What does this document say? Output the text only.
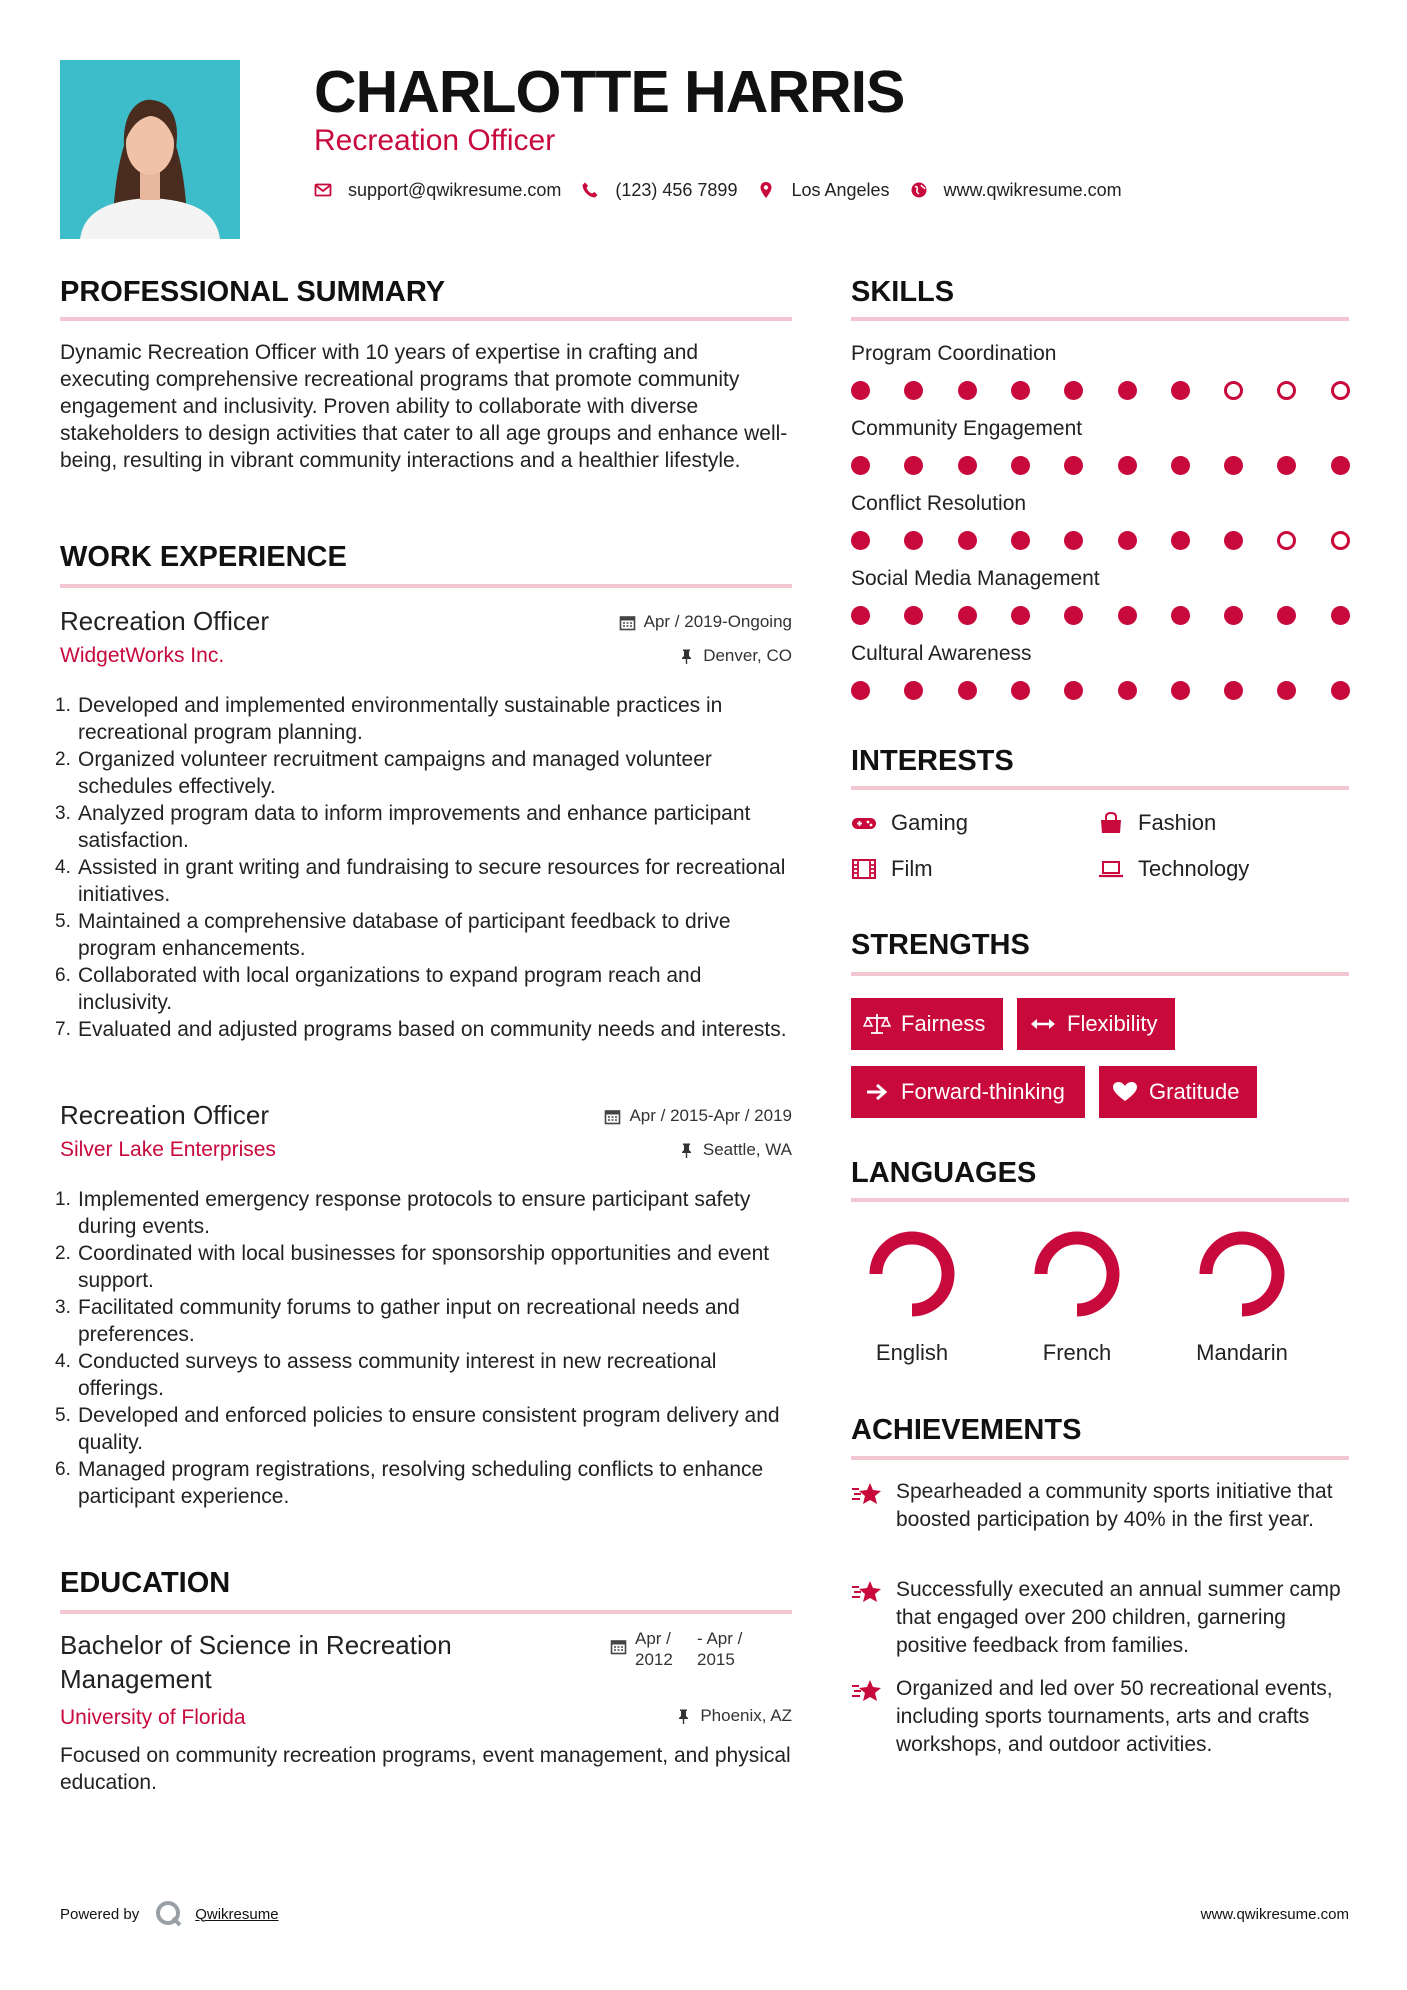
CHARLOTTE HARRIS
Recreation Officer
support@qwikresume.com	(123) 456 7899	Los Angeles	www.qwikresume.com
PROFESSIONAL SUMMARY
Dynamic Recreation Officer with 10 years of expertise in crafting and executing comprehensive recreational programs that promote community engagement and inclusivity. Proven ability to collaborate with diverse stakeholders to design activities that cater to all age groups and enhance well-being, resulting in vibrant community interactions and a healthier lifestyle.
WORK EXPERIENCE
Recreation Officer
WidgetWorks Inc.
Apr / 2019-Ongoing
Denver, CO
1. Developed and implemented environmentally sustainable practices in recreational program planning.
2. Organized volunteer recruitment campaigns and managed volunteer schedules effectively.
3. Analyzed program data to inform improvements and enhance participant satisfaction.
4. Assisted in grant writing and fundraising to secure resources for recreational initiatives.
5. Maintained a comprehensive database of participant feedback to drive program enhancements.
6. Collaborated with local organizations to expand program reach and inclusivity.
7. Evaluated and adjusted programs based on community needs and interests.
Recreation Officer
Silver Lake Enterprises
Apr / 2015-Apr / 2019
Seattle, WA
1. Implemented emergency response protocols to ensure participant safety during events.
2. Coordinated with local businesses for sponsorship opportunities and event support.
3. Facilitated community forums to gather input on recreational needs and preferences.
4. Conducted surveys to assess community interest in new recreational offerings.
5. Developed and enforced policies to ensure consistent program delivery and quality.
6. Managed program registrations, resolving scheduling conflicts to enhance participant experience.
EDUCATION
Bachelor of Science in Recreation Management
Apr /
2012
- Apr /
2015
University of Florida	Phoenix, AZ
Focused on community recreation programs, event management, and physical education.
SKILLS
Program Coordination
Community Engagement
Conflict Resolution
Social Media Management
Cultural Awareness
INTERESTS
Gaming	Fashion
Film	Technology
STRENGTHS
Fairness	Flexibility
Forward-thinking	Gratitude
LANGUAGES
English	French	Mandarin
ACHIEVEMENTS
Spearheaded a community sports initiative that boosted participation by 40% in the first year.
Successfully executed an annual summer camp that engaged over 200 children, garnering positive feedback from families.
Organized and led over 50 recreational events, including sports tournaments, arts and crafts workshops, and outdoor activities.
Powered by	Qwikresume	www.qwikresume.com
